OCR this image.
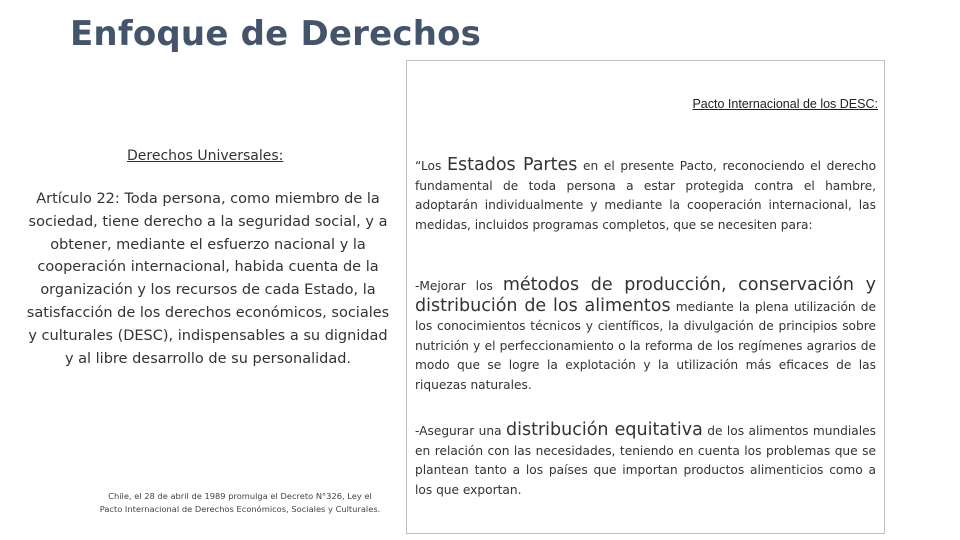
Enfoque de Derechos
Derechos Universales:
Artículo 22: Toda persona, como miembro de la sociedad, tiene derecho a la seguridad social, y a obtener, mediante el esfuerzo nacional y la cooperación internacional, habida cuenta de la organización y los recursos de cada Estado, la satisfacción de los derechos económicos, sociales y culturales (DESC), indispensables a su dignidad y al libre desarrollo de su personalidad.
Chile, el 28 de abril de 1989 promulga el Decreto N°326, Ley el Pacto Internacional de Derechos Económicos, Sociales y Culturales.
Pacto Internacional de los DESC:
“Los Estados Partes en el presente Pacto, reconociendo el derecho fundamental de toda persona a estar protegida contra el hambre, adoptarán individualmente y mediante la cooperación internacional, las medidas, incluidos programas completos, que se necesiten para:
-Mejorar los métodos de producción, conservación y distribución de los alimentos mediante la plena utilización de los conocimientos técnicos y científicos, la divulgación de principios sobre nutrición y el perfeccionamiento o la reforma de los regímenes agrarios de modo que se logre la explotación y la utilización más eficaces de las riquezas naturales.
-Asegurar una distribución equitativa de los alimentos mundiales en relación con las necesidades, teniendo en cuenta los problemas que se plantean tanto a los países que importan productos alimenticios como a los que exportan.
